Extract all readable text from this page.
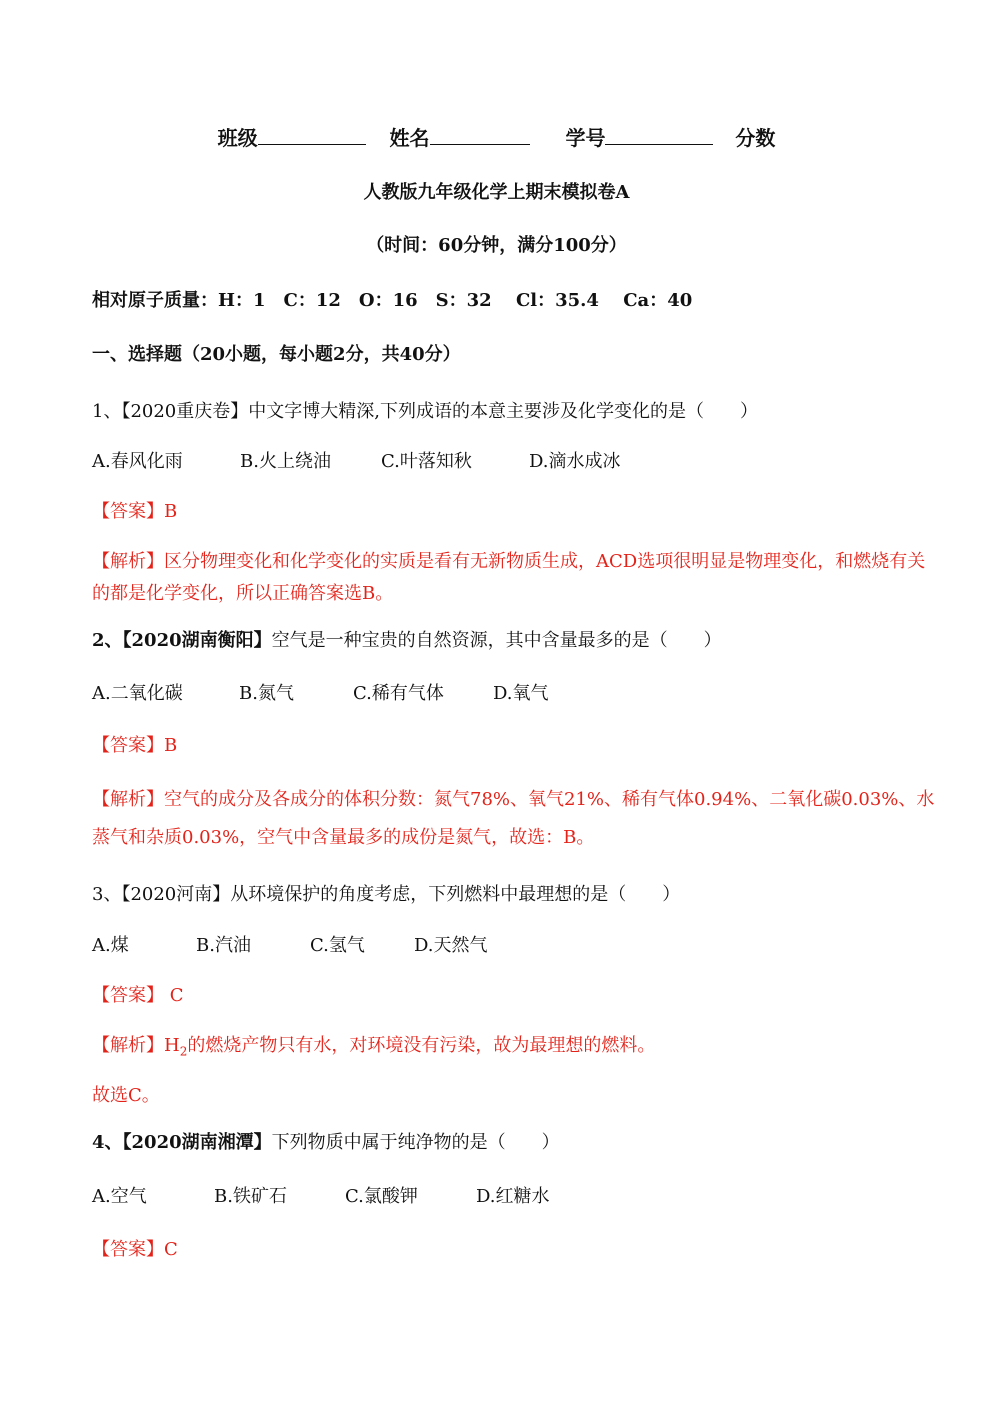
班级	姓名	学号	分数
人教版九年级化学上期末模拟卷A
（时间：60分钟，满分100分）
相对原子质量：H：1　C：12　O：16　S：32　 Cl：35.4　 Ca：40
一、选择题（20小题，每小题2分，共40分）
1、【2020重庆卷】中文字博大精深,下列成语的本意主要涉及化学变化的是（　　）
A.春风化雨	B.火上绕油	C.叶落知秋	D.滴水成冰
【答案】B
【解析】区分物理变化和化学变化的实质是看有无新物质生成，ACD选项很明显是物理变化，和燃烧有关
的都是化学变化，所以正确答案选B。
2、【2020湖南衡阳】空气是一种宝贵的自然资源，其中含量最多的是（　　）
A.二氧化碳	B.氮气	C.稀有气体	D.氧气
【答案】B
【解析】空气的成分及各成分的体积分数：氮气78%、氧气21%、稀有气体0.94%、二氧化碳0.03%、水
蒸气和杂质0.03%，空气中含量最多的成份是氮气，故选：B。
3、【2020河南】从环境保护的角度考虑，下列燃料中最理想的是（　　）
A.煤	B.汽油	C.氢气	D.天然气
【答案】 C
【解析】$H_2$的燃烧产物只有水，对环境没有污染，故为最理想的燃料。
故选C。
4、【2020湖南湘潭】下列物质中属于纯净物的是（　　）
A.空气	B.铁矿石	C.氯酸钾	D.红糖水
【答案】C
